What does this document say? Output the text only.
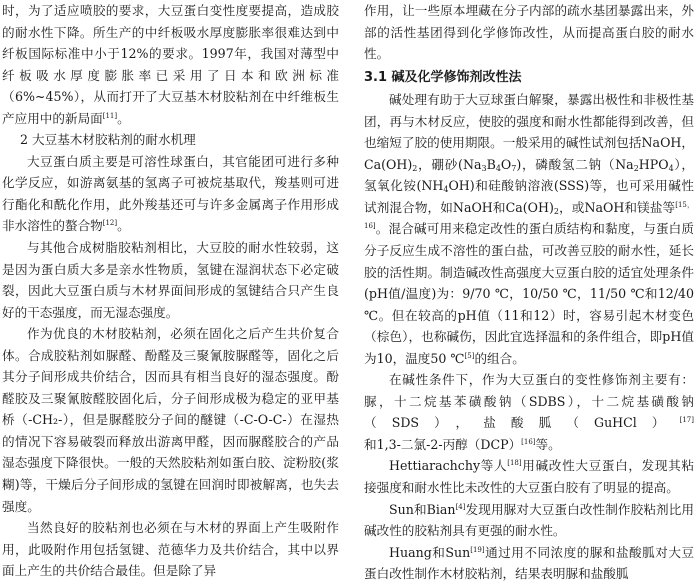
时，为了适应喷胶的要求，大豆蛋白变性度要提高，造成胶的耐水性下降。所生产的中纤板吸水厚度膨胀率很难达到中纤板国际标准中小于12%的要求。1997年，我国对薄型中纤板吸水厚度膨胀率已采用了日本和欧洲标准（6%~45%），从而打开了大豆基木材胶粘剂在中纤维板生产应用中的新局面[11]。

2 大豆基木材胶粘剂的耐水机理

大豆蛋白质主要是可溶性球蛋白，其官能团可进行多种化学反应，如游离氨基的氢离子可被烷基取代，羧基则可进行酯化和酰化作用，此外羧基还可与许多金属离子作用形成非水溶性的螯合物[12]。

与其他合成树脂胶粘剂相比，大豆胶的耐水性较弱，这是因为蛋白质大多是亲水性物质，氢键在湿润状态下必定破裂，因此大豆蛋白质与木材界面间形成的氢键结合只产生良好的干态强度，而无湿态强度。

作为优良的木材胶粘剂，必须在固化之后产生共价复合体。合成胶粘剂如脲醛、酚醛及三聚氰胺脲醛等，固化之后其分子间形成共价结合，因而具有相当良好的湿态强度。酚醛胶及三聚氰胺醛胶固化后，分子间形成极为稳定的亚甲基桥（-CH₂-），但是脲醛胶分子间的醚键（-C-O-C-）在湿热的情况下容易破裂而释放出游离甲醛，因而脲醛胶合的产品湿态强度下降很快。一般的天然胶粘剂如蛋白胶、淀粉胶(浆糊)等，干燥后分子间形成的氢键在回润时即被解离，也失去强度。

当然良好的胶粘剂也必须在与木材的界面上产生吸附作用，此吸附作用包括氢键、范德华力及共价结合，其中以界面上产生的共价结合最佳。但是除了异

作用，让一些原本埋藏在分子内部的疏水基团暴露出来，外部的活性基团得到化学修饰改性，从而提高蛋白胶的耐水性。

3.1 碱及化学修饰剂改性法

碱处理有助于大豆球蛋白解聚，暴露出极性和非极性基团，再与木材反应，使胶的强度和耐水性都能得到改善，但也缩短了胶的使用期限。一般采用的碱性试剂包括NaOH，$Ca(OH)_2$，硼砂$(Na_3B_4O_7)$，磷酸氢二钠$(Na_2HPO_4)$，氢氧化铵$(NH_4OH)$和硅酸钠溶液(SSS)等，也可采用碱性试剂混合物，如NaOH和$Ca(OH)_2$，或NaOH和镁盐等[15，16]。混合碱可用来稳定改性的蛋白质结构和黏度，与蛋白质分子反应生成不溶性的蛋白盐，可改善豆胶的耐水性，延长胶的活性期。制造碱改性高强度大豆蛋白胶的适宜处理条件(pH值/温度)为：9/70 ℃，10/50 ℃，11/50 ℃和12/40 ℃。但在较高的pH值（11和12）时，容易引起木材变色（棕色），也称碱伤，因此宜选择温和的条件组合，即pH值为10，温度50 ℃[5]的组合。

在碱性条件下，作为大豆蛋白的变性修饰剂主要有：脲，十二烷基苯磺酸钠（SDBS），十二烷基磺酸钠（SDS），盐酸胍（GuHCl）[17]和1,3-二氯-2-丙醇（DCP）[16]等。

Hettiarachchy等人[18]用碱改性大豆蛋白，发现其粘接强度和耐水性比未改性的大豆蛋白胶有了明显的提高。

Sun和Bian[4]发现用脲对大豆蛋白改性制作胶粘剂比用碱改性的胶粘剂具有更强的耐水性。

Huang和Sun[19]通过用不同浓度的脲和盐酸胍对大豆蛋白改性制作木材胶粘剂，结果表明脲和盐酸胍
